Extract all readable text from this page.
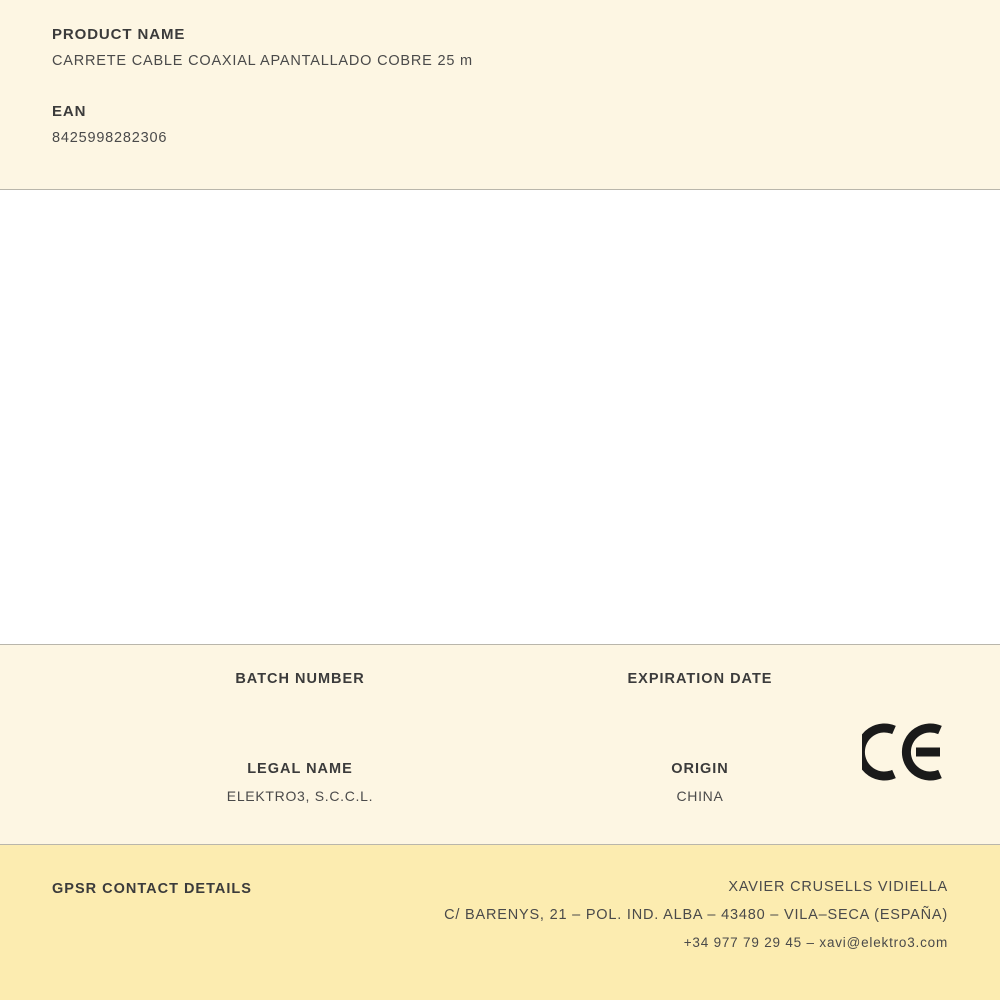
PRODUCT NAME

CARRETE CABLE COAXIAL APANTALLADO COBRE 25 m

EAN

8425998282306

BATCH NUMBER	EXPIRATION DATE

LEGAL NAME

ELEKTRO3, S.C.C.L.

ORIGIN

CHINA

GPSR CONTACT DETAILS	XAVIER CRUSELLS VIDIELLA

C/ BARENYS, 21 – POL. IND. ALBA – 43480 – VILA–SECA (ESPAÑA)

+34 977 79 29 45 – xavi@elektro3.com
